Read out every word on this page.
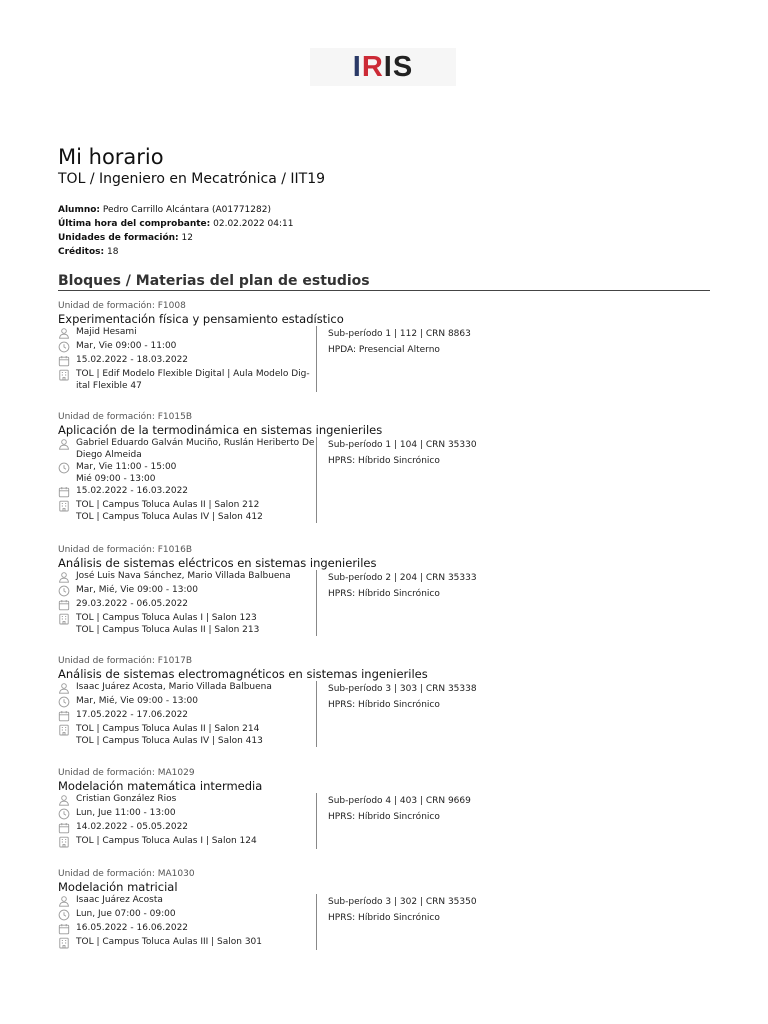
IRIS
Mi horario
TOL / Ingeniero en Mecatrónica / IIT19
Alumno: Pedro Carrillo Alcántara (A01771282)
Última hora del comprobante: 02.02.2022 04:11
Unidades de formación: 12
Créditos: 18
Bloques / Materias del plan de estudios
Unidad de formación: F1008
Experimentación física y pensamiento estadístico
Majid Hesami
Mar, Vie 09:00 - 11:00
15.02.2022 - 18.03.2022
TOL | Edif Modelo Flexible Digital | Aula Modelo Dig-
ital Flexible 47
Sub-período 1 | 112 | CRN 8863
HPDA: Presencial Alterno
Unidad de formación: F1015B
Aplicación de la termodinámica en sistemas ingenieriles
Gabriel Eduardo Galván Muciño, Ruslán Heriberto De Diego Almeida
Mar, Vie 11:00 - 15:00
Mié 09:00 - 13:00
15.02.2022 - 16.03.2022
TOL | Campus Toluca Aulas II | Salon 212
TOL | Campus Toluca Aulas IV | Salon 412
Sub-período 1 | 104 | CRN 35330
HPRS: Híbrido Sincrónico
Unidad de formación: F1016B
Análisis de sistemas eléctricos en sistemas ingenieriles
José Luis Nava Sánchez, Mario Villada Balbuena
Mar, Mié, Vie 09:00 - 13:00
29.03.2022 - 06.05.2022
TOL | Campus Toluca Aulas I | Salon 123
TOL | Campus Toluca Aulas II | Salon 213
Sub-período 2 | 204 | CRN 35333
HPRS: Híbrido Sincrónico
Unidad de formación: F1017B
Análisis de sistemas electromagnéticos en sistemas ingenieriles
Isaac Juárez Acosta, Mario Villada Balbuena
Mar, Mié, Vie 09:00 - 13:00
17.05.2022 - 17.06.2022
TOL | Campus Toluca Aulas II | Salon 214
TOL | Campus Toluca Aulas IV | Salon 413
Sub-período 3 | 303 | CRN 35338
HPRS: Híbrido Sincrónico
Unidad de formación: MA1029
Modelación matemática intermedia
Cristian González Rios
Lun, Jue 11:00 - 13:00
14.02.2022 - 05.05.2022
TOL | Campus Toluca Aulas I | Salon 124
Sub-período 4 | 403 | CRN 9669
HPRS: Híbrido Sincrónico
Unidad de formación: MA1030
Modelación matricial
Isaac Juárez Acosta
Lun, Jue 07:00 - 09:00
16.05.2022 - 16.06.2022
TOL | Campus Toluca Aulas III | Salon 301
Sub-período 3 | 302 | CRN 35350
HPRS: Híbrido Sincrónico
